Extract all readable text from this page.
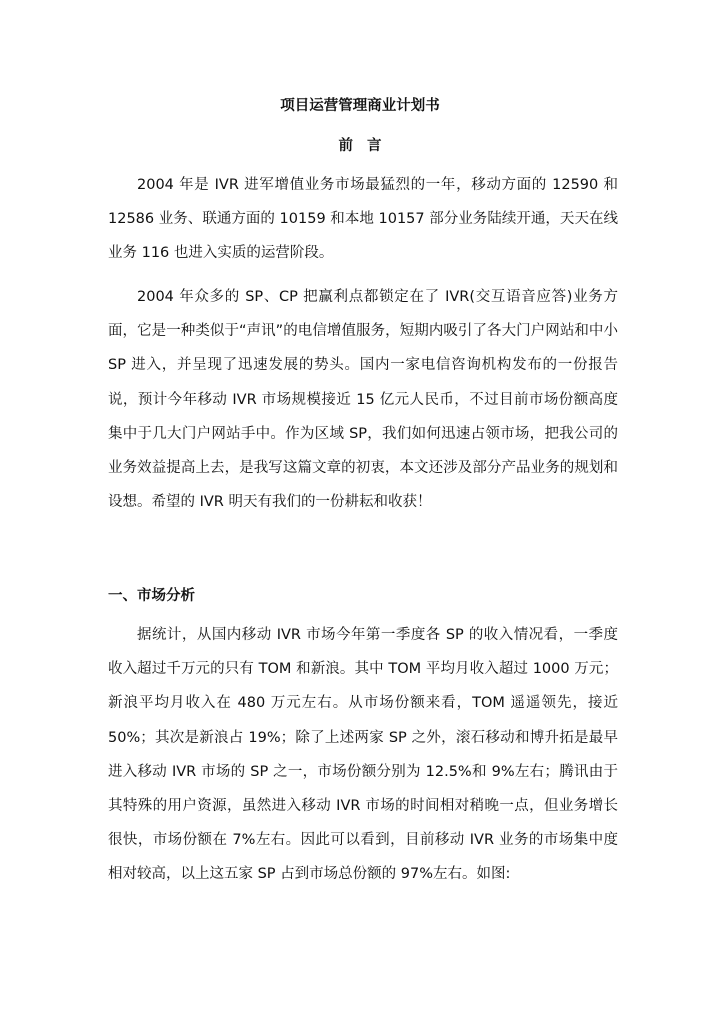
项目运营管理商业计划书
前言

2004 年是 IVR 进军增值业务市场最猛烈的一年，移动方面的 12590 和 12586 业务、联通方面的 10159 和本地 10157 部分业务陆续开通，天天在线业务 116 也进入实质的运营阶段。

2004 年众多的 SP、CP 把赢利点都锁定在了 IVR(交互语音应答)业务方面，它是一种类似于“声讯”的电信增值服务，短期内吸引了各大门户网站和中小 SP 进入，并呈现了迅速发展的势头。国内一家电信咨询机构发布的一份报告说，预计今年移动 IVR 市场规模接近 15 亿元人民币，不过目前市场份额高度集中于几大门户网站手中。作为区域 SP，我们如何迅速占领市场，把我公司的业务效益提高上去，是我写这篇文章的初衷，本文还涉及部分产品业务的规划和设想。希望的 IVR 明天有我们的一份耕耘和收获！

一、市场分析

据统计，从国内移动 IVR 市场今年第一季度各 SP 的收入情况看，一季度收入超过千万元的只有 TOM 和新浪。其中 TOM 平均月收入超过 1000 万元；新浪平均月收入在 480 万元左右。从市场份额来看，TOM 遥遥领先，接近 50%；其次是新浪占 19%；除了上述两家 SP 之外，滚石移动和博升拓是最早进入移动 IVR 市场的 SP 之一，市场份额分别为 12.5%和 9%左右；腾讯由于其特殊的用户资源，虽然进入移动 IVR 市场的时间相对稍晚一点，但业务增长很快，市场份额在 7%左右。因此可以看到，目前移动 IVR 业务的市场集中度相对较高，以上这五家 SP 占到市场总份额的 97%左右。如图:
